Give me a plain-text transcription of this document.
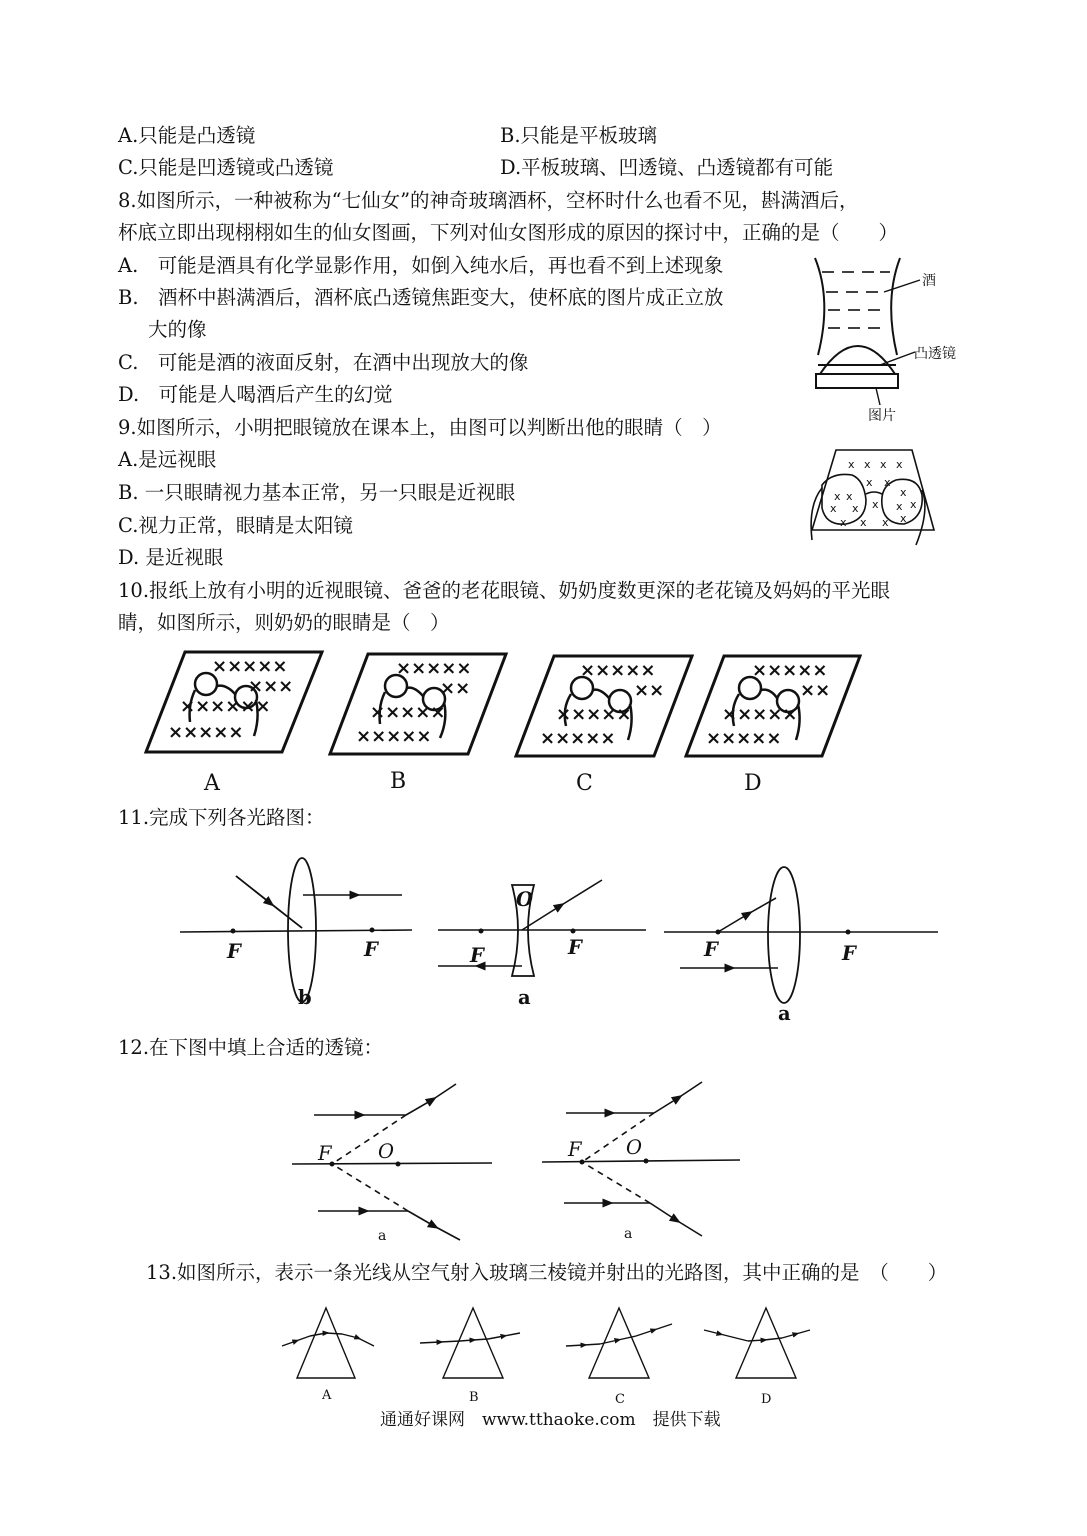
A.只能是凸透镜	B.只能是平板玻璃
C.只能是凹透镜或凸透镜	D.平板玻璃、凹透镜、凸透镜都有可能
8.如图所示，一种被称为“七仙女”的神奇玻璃酒杯，空杯时什么也看不见，斟满酒后，
杯底立即出现栩栩如生的仙女图画，下列对仙女图形成的原因的探讨中，正确的是（　　）
A.　可能是酒具有化学显影作用，如倒入纯水后，再也看不到上述现象
B.　酒杯中斟满酒后，酒杯底凸透镜焦距变大，使杯底的图片成正立放
大的像
C.　可能是酒的液面反射，在酒中出现放大的像
D.　可能是人喝酒后产生的幻觉
酒
凸透镜
图片
9.如图所示，小明把眼镜放在课本上，由图可以判断出他的眼睛（　）
A.是远视眼
B. 一只眼睛视力基本正常，另一只眼是近视眼
C.视力正常，眼睛是太阳镜
D. 是近视眼
x x x x
x x
x x	x
x x x x x
x x x x
10.报纸上放有小明的近视眼镜、爸爸的老花眼镜、奶奶度数更深的老花镜及妈妈的平光眼
睛，如图所示，则奶奶的眼睛是（　）
×××××
×××
××××××
×××××
×××××
××
×××××
×××××
×××××
××
×××××
×××××
×××××
××
×××××
×××××
A	B	C	D
11.完成下列各光路图：
F	F
b
F	F
O
a
F	F
a
12.在下图中填上合适的透镜：
F O
a
F O
a
13.如图所示，表示一条光线从空气射入玻璃三棱镜并射出的光路图，其中正确的是　（　　）
A	B	C	D
通通好课网　www.tthaoke.com　提供下载
